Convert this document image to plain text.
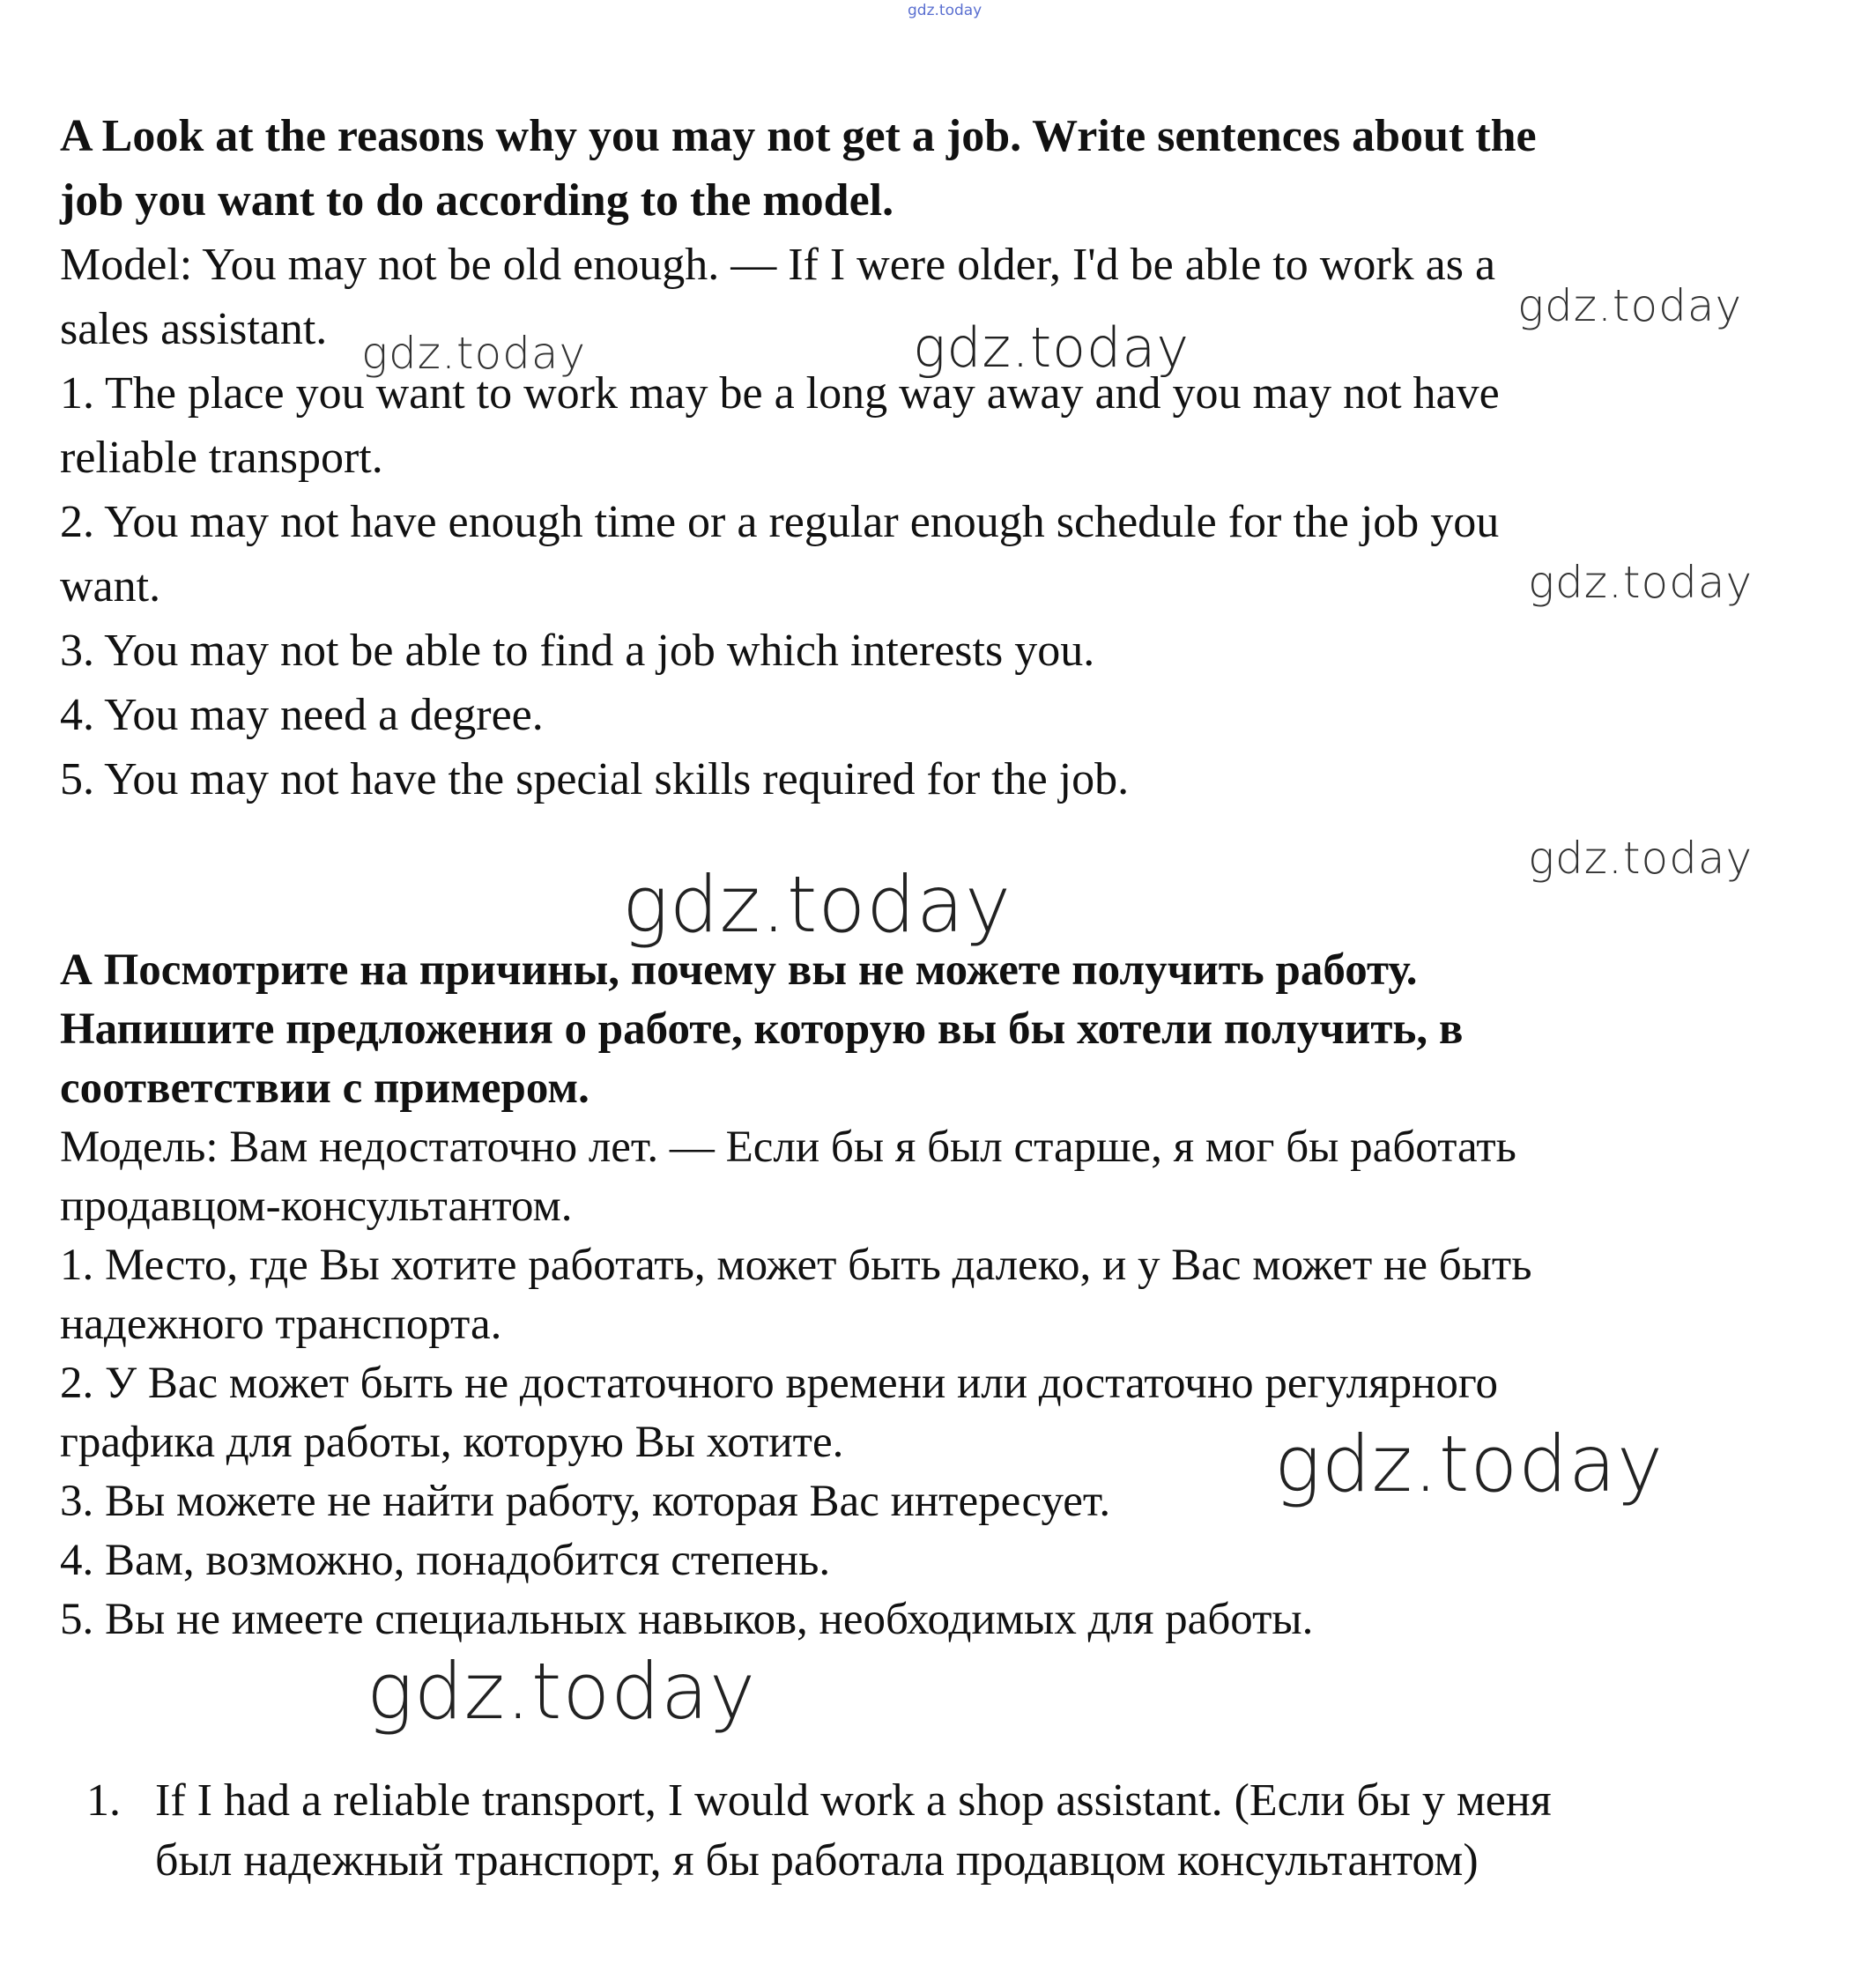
gdz.today
A Look at the reasons why you may not get a job. Write sentences about the
job you want to do according to the model.
Model: You may not be old enough. — If I were older, I'd be able to work as a
sales assistant.
1. The place you want to work may be a long way away and you may not have
reliable transport.
2. You may not have enough time or a regular enough schedule for the job you
want.
3. You may not be able to find a job which interests you.
4. You may need a degree.
5. You may not have the special skills required for the job.
А Посмотрите на причины, почему вы не можете получить работу.
Напишите предложения о работе, которую вы бы хотели получить, в
соответствии с примером.
Модель: Вам недостаточно лет. — Если бы я был старше, я мог бы работать
продавцом-консультантом.
1. Место, где Вы хотите работать, может быть далеко, и у Вас может не быть
надежного транспорта.
2. У Вас может быть не достаточного времени или достаточно регулярного
графика для работы, которую Вы хотите.
3. Вы можете не найти работу, которая Вас интересует.
4. Вам, возможно, понадобится степень.
5. Вы не имеете специальных навыков, необходимых для работы.
1. If I had a reliable transport, I would work a shop assistant. (Если бы у меня
был надежный транспорт, я бы работала продавцом консультантом)
gdz.today
gdz.today	gdz.today
gdz.today
gdz.today
gdz.today
gdz.today
gdz.today
